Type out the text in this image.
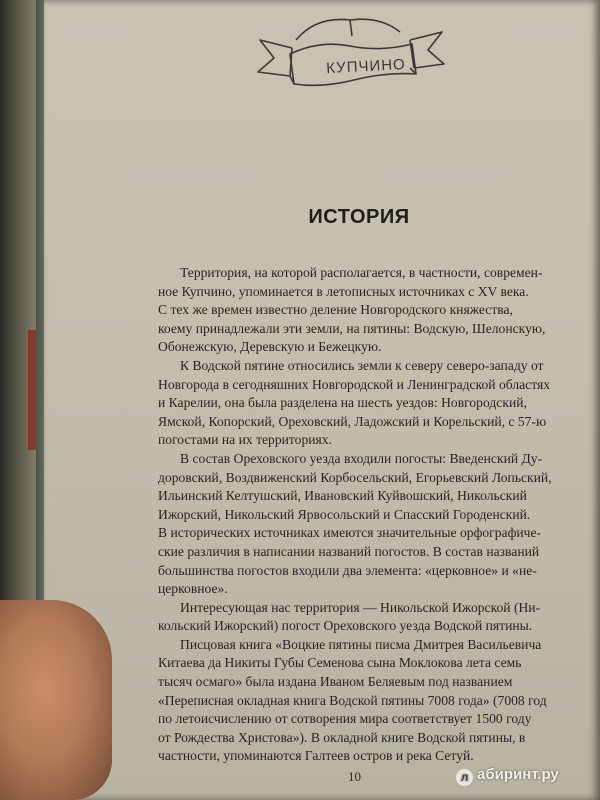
КУПЧИНО
ИСТОРИЯ
Территория, на которой располагается, в частности, современ-
ное Купчино, упоминается в летописных источниках с XV века.
С тех же времен известно деление Новгородского княжества,
коему принадлежали эти земли, на пятины: Водскую, Шелонскую,
Обонежскую, Деревскую и Бежецкую.
К Водской пятине относились земли к северу северо-западу от
Новгорода в сегодняшних Новгородской и Ленинградской областях
и Карелии, она была разделена на шесть уездов: Новгородский,
Ямской, Копорский, Ореховский, Ладожский и Корельский, с 57-ю
погостами на их территориях.
В состав Ореховского уезда входили погосты: Введенский Ду-
доровский, Воздвиженский Корбосельский, Егорьевский Лопьский,
Ильинский Келтушский, Ивановский Куйвошский, Никольский
Ижорский, Никольский Ярвосольский и Спасский Городенский.
В исторических источниках имеются значительные орфографиче-
ские различия в написании названий погостов. В состав названий
большинства погостов входили два элемента: «церковное» и «не-
церковное».
Интересующая нас территория — Никольской Ижорской (Ни-
кольский Ижорский) погост Ореховского уезда Водской пятины.
Писцовая книга «Воцкие пятины писма Дмитрея Васильевича
Китаева да Никиты Губы Семенова сына Моклокова лета семь
тысяч осмаго» была издана Иваном Беляевым под названием
«Переписная окладная книга Водской пятины 7008 года» (7008 год
по летоисчислению от сотворения мира соответствует 1500 году
от Рождества Христова»). В окладной книге Водской пятины, в
частности, упоминаются Галтеев остров и река Сетуй.
10	л абиринт.ру
